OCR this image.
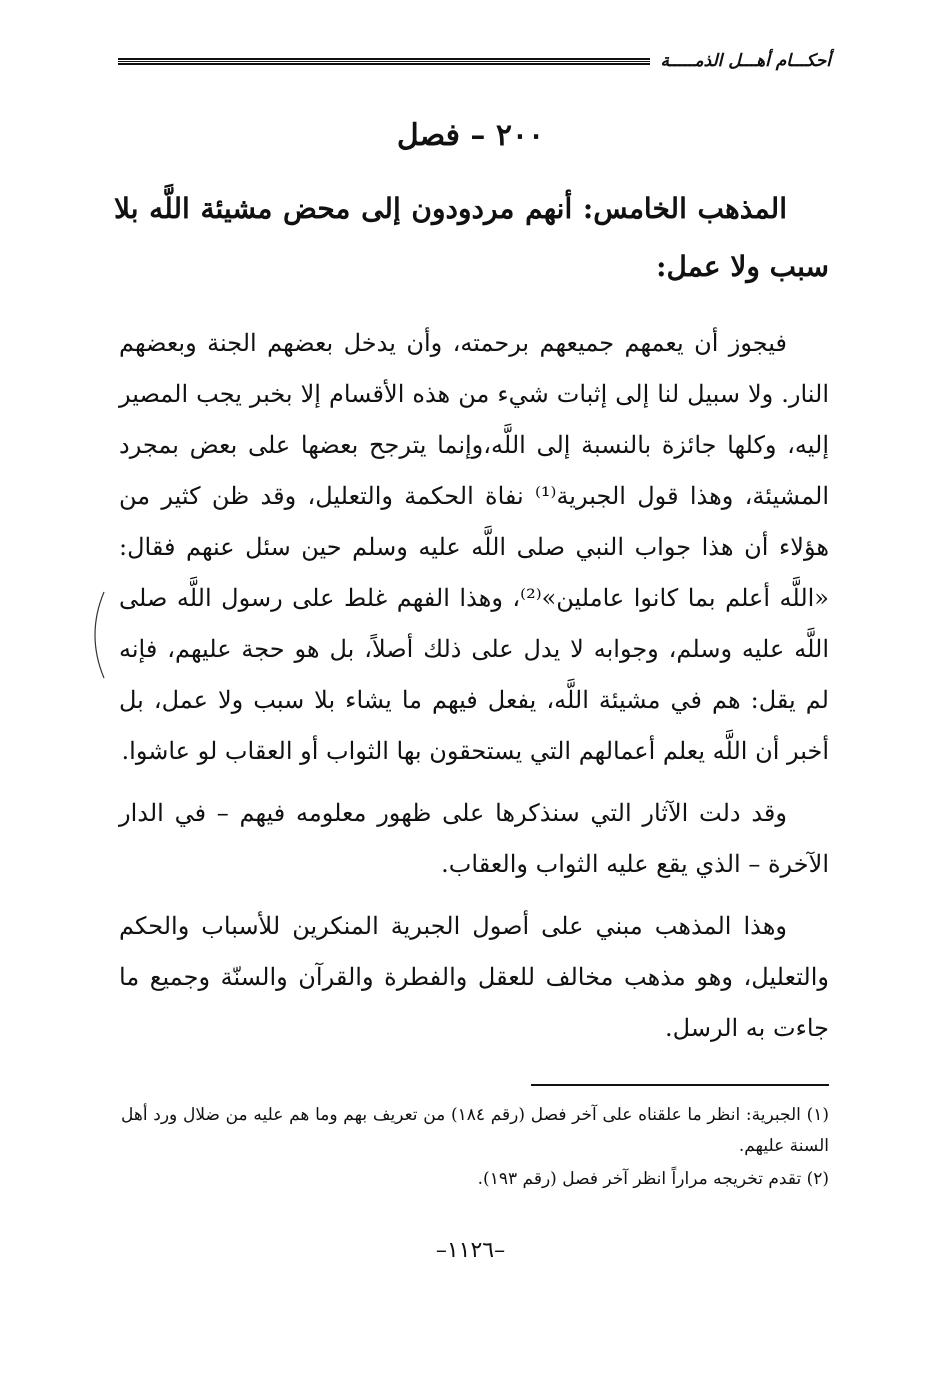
أحكـــام أهـــل الذمـــــة
٢٠٠ – فصل
المذهب الخامس: أنهم مردودون إلى محض مشيئة اللَّه بلا سبب ولا عمل:

فيجوز أن يعمهم جميعهم برحمته، وأن يدخل بعضهم الجنة وبعضهم النار. ولا سبيل لنا إلى إثبات شيء من هذه الأقسام إلا بخبر يجب المصير إليه، وكلها جائزة بالنسبة إلى اللَّه،وإنما يترجح بعضها على بعض بمجرد المشيئة، وهذا قول الجبرية⁽¹⁾ نفاة الحكمة والتعليل، وقد ظن كثير من هؤلاء أن هذا جواب النبي صلى اللَّه عليه وسلم حين سئل عنهم فقال: «اللَّه أعلم بما كانوا عاملين»⁽²⁾، وهذا الفهم غلط على رسول اللَّه صلى اللَّه عليه وسلم، وجوابه لا يدل على ذلك أصلاً، بل هو حجة عليهم، فإنه لم يقل: هم في مشيئة اللَّه، يفعل فيهم ما يشاء بلا سبب ولا عمل، بل أخبر أن اللَّه يعلم أعمالهم التي يستحقون بها الثواب أو العقاب لو عاشوا.

وقد دلت الآثار التي سنذكرها على ظهور معلومه فيهم – في الدار الآخرة – الذي يقع عليه الثواب والعقاب.

وهذا المذهب مبني على أصول الجبرية المنكرين للأسباب والحكم والتعليل، وهو مذهب مخالف للعقل والفطرة والقرآن والسنّة وجميع ما جاءت به الرسل.

(١) الجبرية: انظر ما علقناه على آخر فصل (رقم ١٨٤) من تعريف بهم وما هم عليه من ضلال ورد أهل السنة عليهم.

(٢) تقدم تخريجه مراراً انظر آخر فصل (رقم ١٩٣).

–١١٢٦–
